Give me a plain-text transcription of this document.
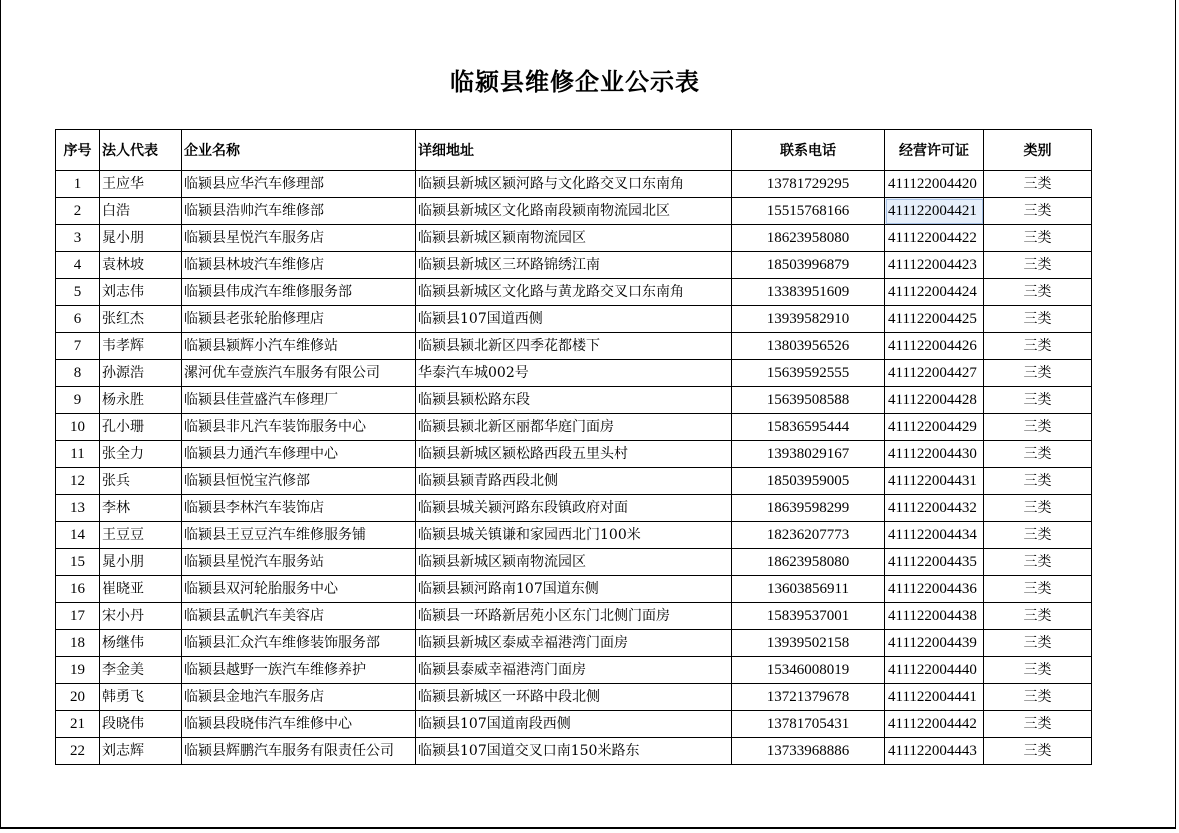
临颍县维修企业公示表
序号	法人代表	企业名称	详细地址	联系电话	经营许可证	类别
1	王应华	临颍县应华汽车修理部	临颍县新城区颍河路与文化路交叉口东南角	13781729295	411122004420	三类
2	白浩	临颍县浩帅汽车维修部	临颍县新城区文化路南段颍南物流园北区	15515768166	411122004421	三类
3	晁小朋	临颍县星悦汽车服务店	临颍县新城区颍南物流园区	18623958080	411122004422	三类
4	袁林坡	临颍县林坡汽车维修店	临颍县新城区三环路锦绣江南	18503996879	411122004423	三类
5	刘志伟	临颍县伟成汽车维修服务部	临颍县新城区文化路与黄龙路交叉口东南角	13383951609	411122004424	三类
6	张红杰	临颍县老张轮胎修理店	临颍县107国道西侧	13939582910	411122004425	三类
7	韦孝辉	临颍县颍辉小汽车维修站	临颍县颍北新区四季花都楼下	13803956526	411122004426	三类
8	孙源浩	漯河优车壹族汽车服务有限公司	华泰汽车城002号	15639592555	411122004427	三类
9	杨永胜	临颍县佳萱盛汽车修理厂	临颍县颍松路东段	15639508588	411122004428	三类
10	孔小珊	临颍县非凡汽车装饰服务中心	临颍县颍北新区丽都华庭门面房	15836595444	411122004429	三类
11	张全力	临颍县力通汽车修理中心	临颍县新城区颍松路西段五里头村	13938029167	411122004430	三类
12	张兵	临颍县恒悦宝汽修部	临颍县颍青路西段北侧	18503959005	411122004431	三类
13	李林	临颍县李林汽车装饰店	临颍县城关颍河路东段镇政府对面	18639598299	411122004432	三类
14	王豆豆	临颍县王豆豆汽车维修服务铺	临颍县城关镇谦和家园西北门100米	18236207773	411122004434	三类
15	晁小朋	临颍县星悦汽车服务站	临颍县新城区颍南物流园区	18623958080	411122004435	三类
16	崔晓亚	临颍县双河轮胎服务中心	临颍县颍河路南107国道东侧	13603856911	411122004436	三类
17	宋小丹	临颍县孟帆汽车美容店	临颍县一环路新居苑小区东门北侧门面房	15839537001	411122004438	三类
18	杨继伟	临颍县汇众汽车维修装饰服务部	临颍县新城区泰威幸福港湾门面房	13939502158	411122004439	三类
19	李金美	临颍县越野一族汽车维修养护	临颍县泰威幸福港湾门面房	15346008019	411122004440	三类
20	韩勇飞	临颍县金地汽车服务店	临颍县新城区一环路中段北侧	13721379678	411122004441	三类
21	段晓伟	临颍县段晓伟汽车维修中心	临颍县107国道南段西侧	13781705431	411122004442	三类
22	刘志辉	临颍县辉鹏汽车服务有限责任公司	临颍县107国道交叉口南150米路东	13733968886	411122004443	三类
